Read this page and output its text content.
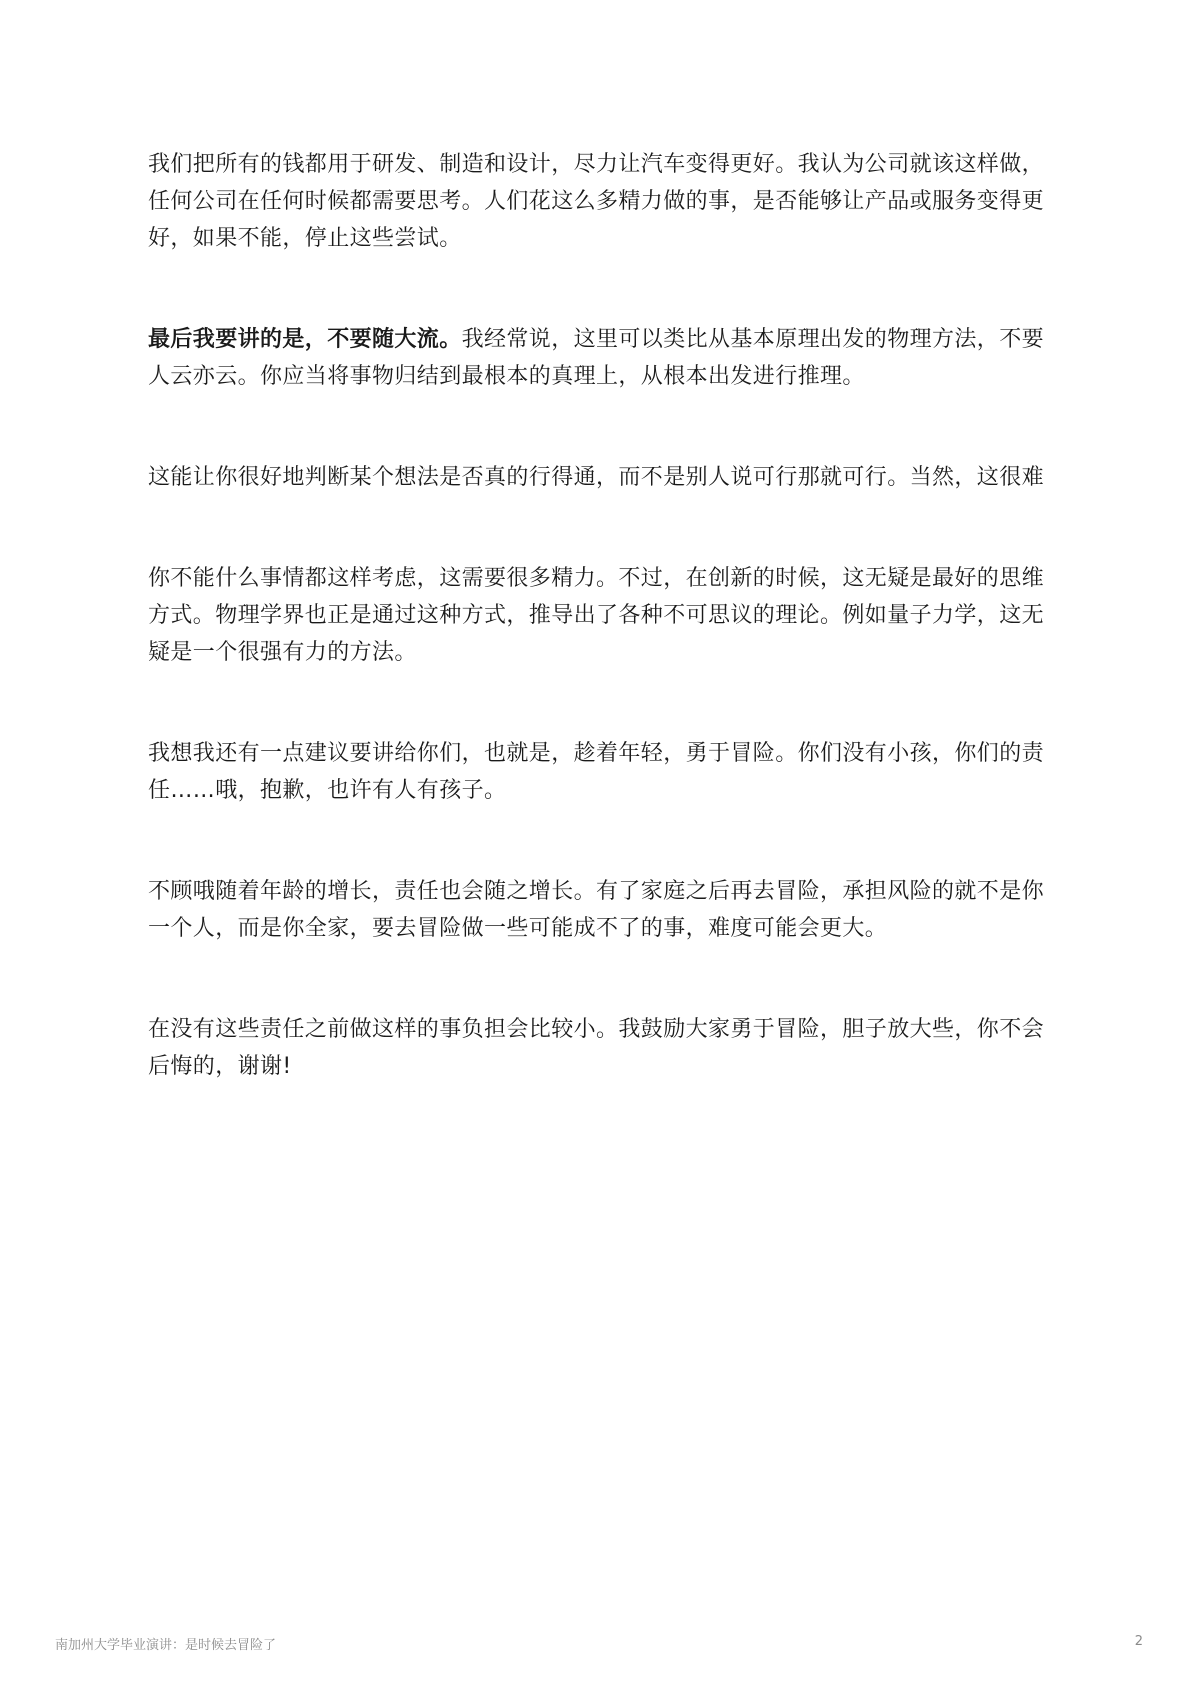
我们把所有的钱都用于研发、制造和设计，尽力让汽车变得更好。我认为公司就该这样做，任何公司在任何时候都需要思考。人们花这么多精力做的事，是否能够让产品或服务变得更好，如果不能，停止这些尝试。

最后我要讲的是，不要随大流。我经常说，这里可以类比从基本原理出发的物理方法，不要人云亦云。你应当将事物归结到最根本的真理上，从根本出发进行推理。

这能让你很好地判断某个想法是否真的行得通，而不是别人说可行那就可行。当然，这很难

你不能什么事情都这样考虑，这需要很多精力。不过，在创新的时候，这无疑是最好的思维方式。物理学界也正是通过这种方式，推导出了各种不可思议的理论。例如量子力学，这无疑是一个很强有力的方法。

我想我还有一点建议要讲给你们，也就是，趁着年轻，勇于冒险。你们没有小孩，你们的责任……哦，抱歉，也许有人有孩子。

不顾哦随着年龄的增长，责任也会随之增长。有了家庭之后再去冒险，承担风险的就不是你一个人，而是你全家，要去冒险做一些可能成不了的事，难度可能会更大。

在没有这些责任之前做这样的事负担会比较小。我鼓励大家勇于冒险，胆子放大些，你不会后悔的，谢谢!

南加州大学毕业演讲：是时候去冒险了	2
